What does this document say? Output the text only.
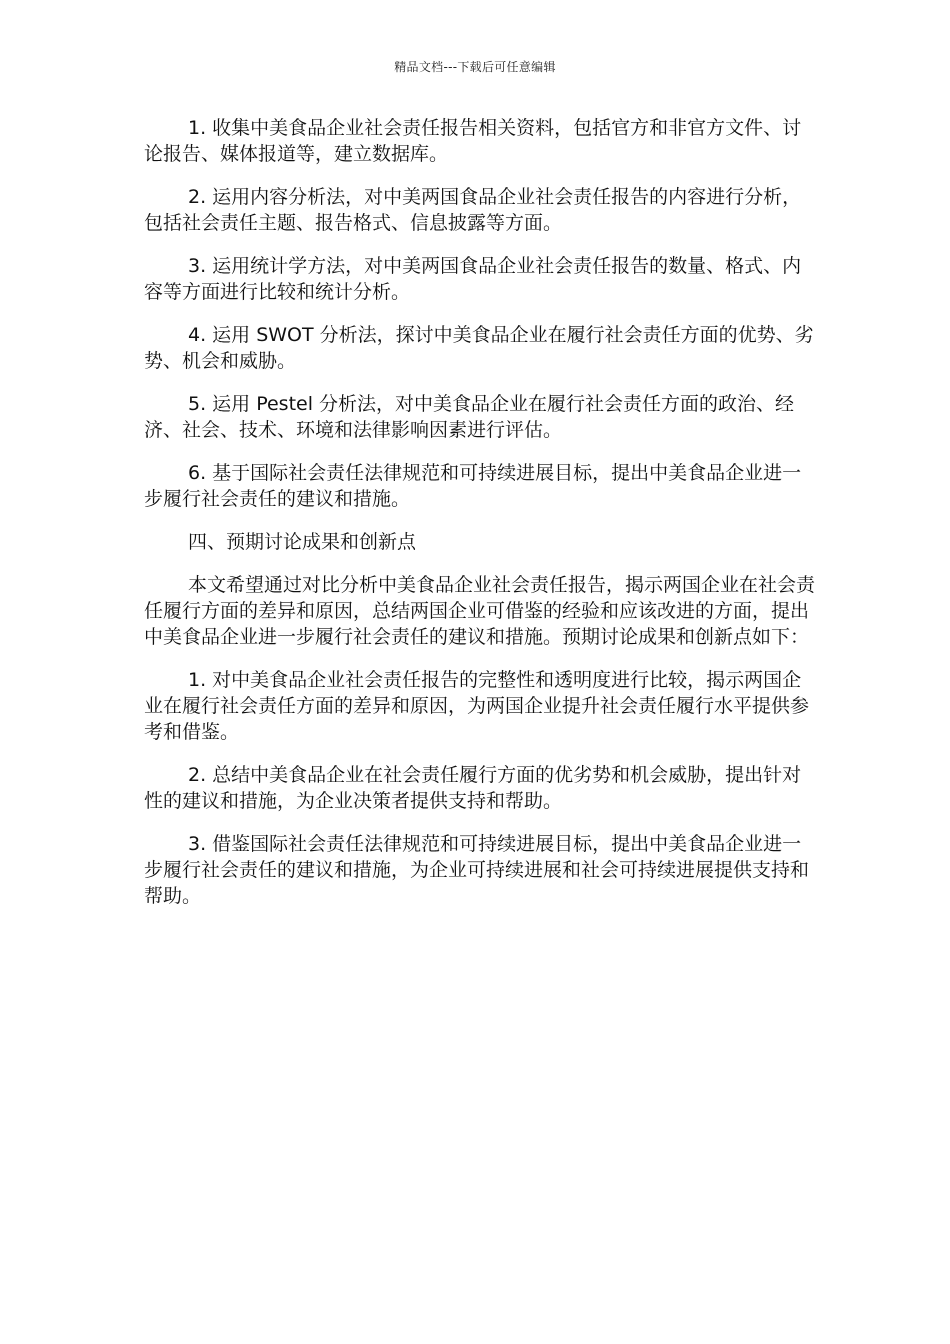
精品文档---下载后可任意编辑

1. 收集中美食品企业社会责任报告相关资料，包括官方和非官方文件、讨论报告、媒体报道等，建立数据库。

2. 运用内容分析法，对中美两国食品企业社会责任报告的内容进行分析，包括社会责任主题、报告格式、信息披露等方面。

3. 运用统计学方法，对中美两国食品企业社会责任报告的数量、格式、内容等方面进行比较和统计分析。

4. 运用 SWOT 分析法，探讨中美食品企业在履行社会责任方面的优势、劣势、机会和威胁。

5. 运用 Pestel 分析法，对中美食品企业在履行社会责任方面的政治、经济、社会、技术、环境和法律影响因素进行评估。

6. 基于国际社会责任法律规范和可持续进展目标，提出中美食品企业进一步履行社会责任的建议和措施。

四、预期讨论成果和创新点

本文希望通过对比分析中美食品企业社会责任报告，揭示两国企业在社会责任履行方面的差异和原因，总结两国企业可借鉴的经验和应该改进的方面，提出中美食品企业进一步履行社会责任的建议和措施。预期讨论成果和创新点如下：

1. 对中美食品企业社会责任报告的完整性和透明度进行比较，揭示两国企业在履行社会责任方面的差异和原因，为两国企业提升社会责任履行水平提供参考和借鉴。

2. 总结中美食品企业在社会责任履行方面的优劣势和机会威胁，提出针对性的建议和措施，为企业决策者提供支持和帮助。

3. 借鉴国际社会责任法律规范和可持续进展目标，提出中美食品企业进一步履行社会责任的建议和措施，为企业可持续进展和社会可持续进展提供支持和帮助。
